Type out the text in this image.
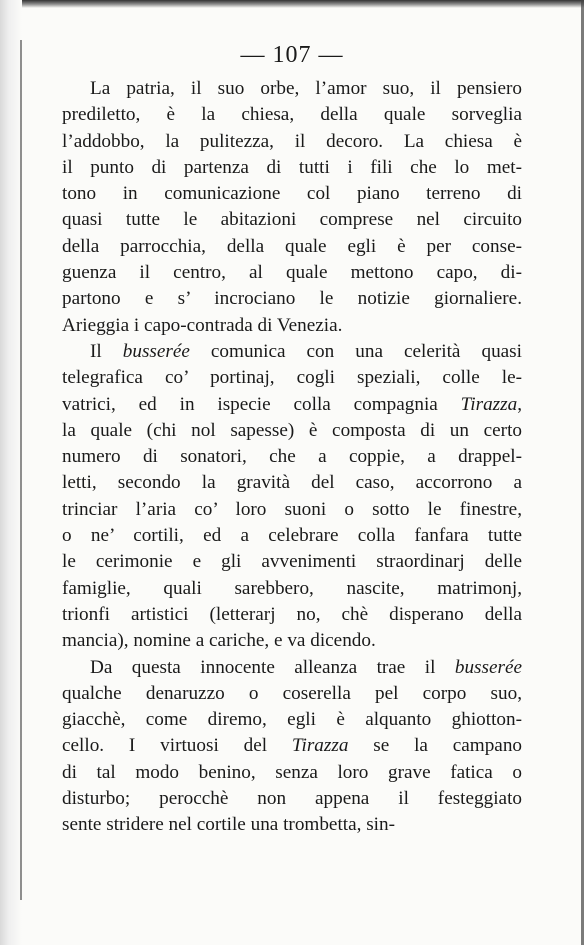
— 107 —
La patria, il suo orbe, l’amor suo, il pensiero
prediletto, è la chiesa, della quale sorveglia
l’addobbo, la pulitezza, il decoro. La chiesa è
il punto di partenza di tutti i fili che lo met-
tono in comunicazione col piano terreno di
quasi tutte le abitazioni comprese nel circuito
della parrocchia, della quale egli è per conse-
guenza il centro, al quale mettono capo, di-
partono e s’ incrociano le notizie giornaliere.
Arieggia i capo-contrada di Venezia.
Il busserée comunica con una celerità quasi
telegrafica co’ portinaj, cogli speziali, colle le-
vatrici, ed in ispecie colla compagnia Tirazza,
la quale (chi nol sapesse) è composta di un certo
numero di sonatori, che a coppie, a drappel-
letti, secondo la gravità del caso, accorrono a
trinciar l’aria co’ loro suoni o sotto le finestre,
o ne’ cortili, ed a celebrare colla fanfara tutte
le cerimonie e gli avvenimenti straordinarj delle
famiglie, quali sarebbero, nascite, matrimonj,
trionfi artistici (letterarj no, chè disperano della
mancia), nomine a cariche, e va dicendo.
Da questa innocente alleanza trae il busserée
qualche denaruzzo o coserella pel corpo suo,
giacchè, come diremo, egli è alquanto ghiotton-
cello. I virtuosi del Tirazza se la campano
di tal modo benino, senza loro grave fatica o
disturbo; perocchè non appena il festeggiato
sente stridere nel cortile una trombetta, sin-
